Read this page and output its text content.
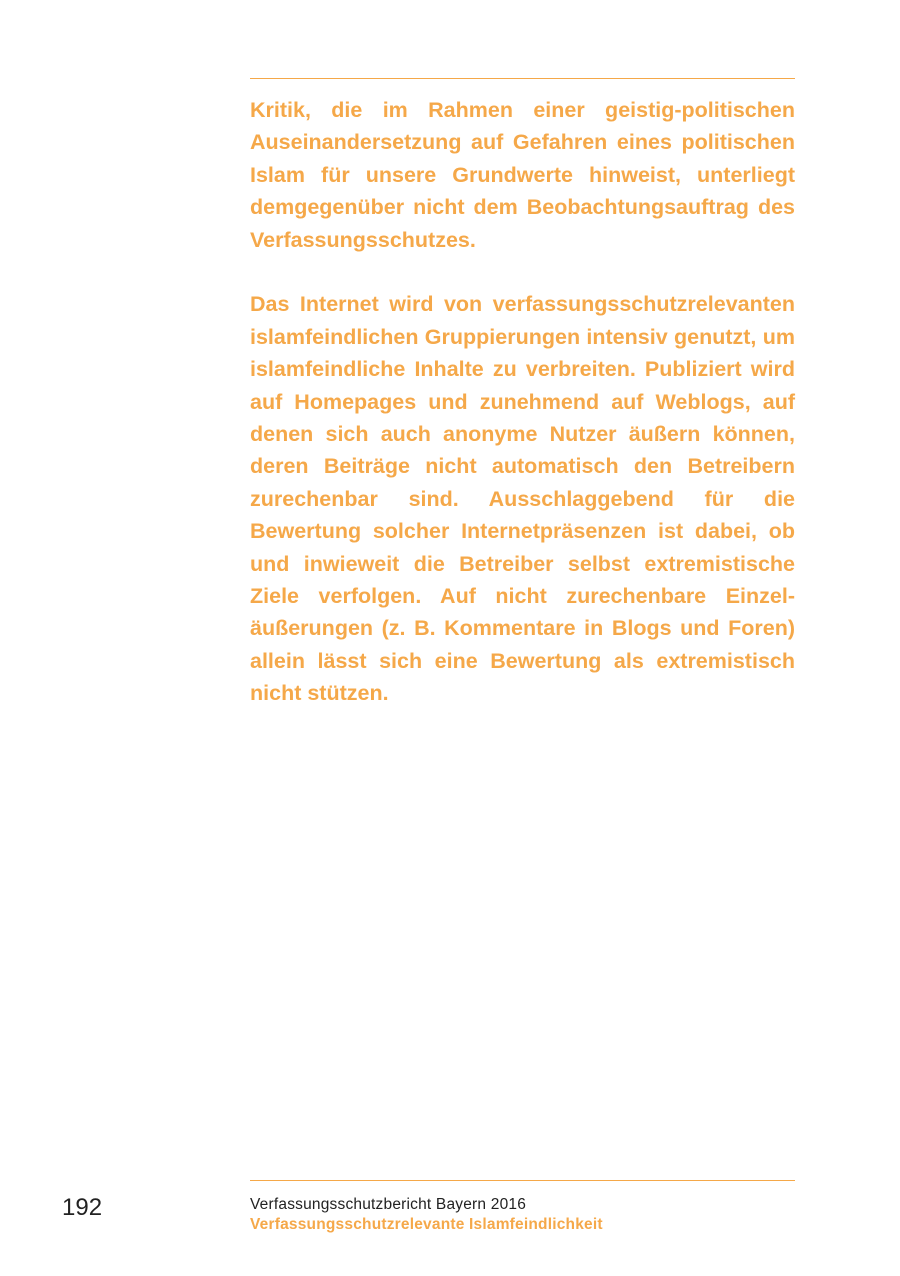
Kritik, die im Rahmen einer geistig-politischen Auseinandersetzung auf Gefahren eines politischen Islam für unsere Grundwerte hinweist, unterliegt demgegenüber nicht dem Beobachtungsauftrag des Verfassungsschutzes.

Das Internet wird von verfassungsschutzrelevanten islamfeindlichen Gruppierungen intensiv genutzt, um islamfeindliche Inhalte zu verbreiten. Publiziert wird auf Homepages und zunehmend auf Weblogs, auf denen sich auch anonyme Nutzer äußern können, deren Beiträge nicht automatisch den Betreibern zurechenbar sind. Ausschlaggebend für die Bewertung solcher Internetpräsenzen ist dabei, ob und inwieweit die Betreiber selbst extremistische Ziele verfolgen. Auf nicht zurechenbare Einzeläußerungen (z. B. Kommentare in Blogs und Foren) allein lässt sich eine Bewertung als extremistisch nicht stützen.

192	Verfassungsschutzbericht Bayern 2016
Verfassungsschutzrelevante Islamfeindlichkeit
